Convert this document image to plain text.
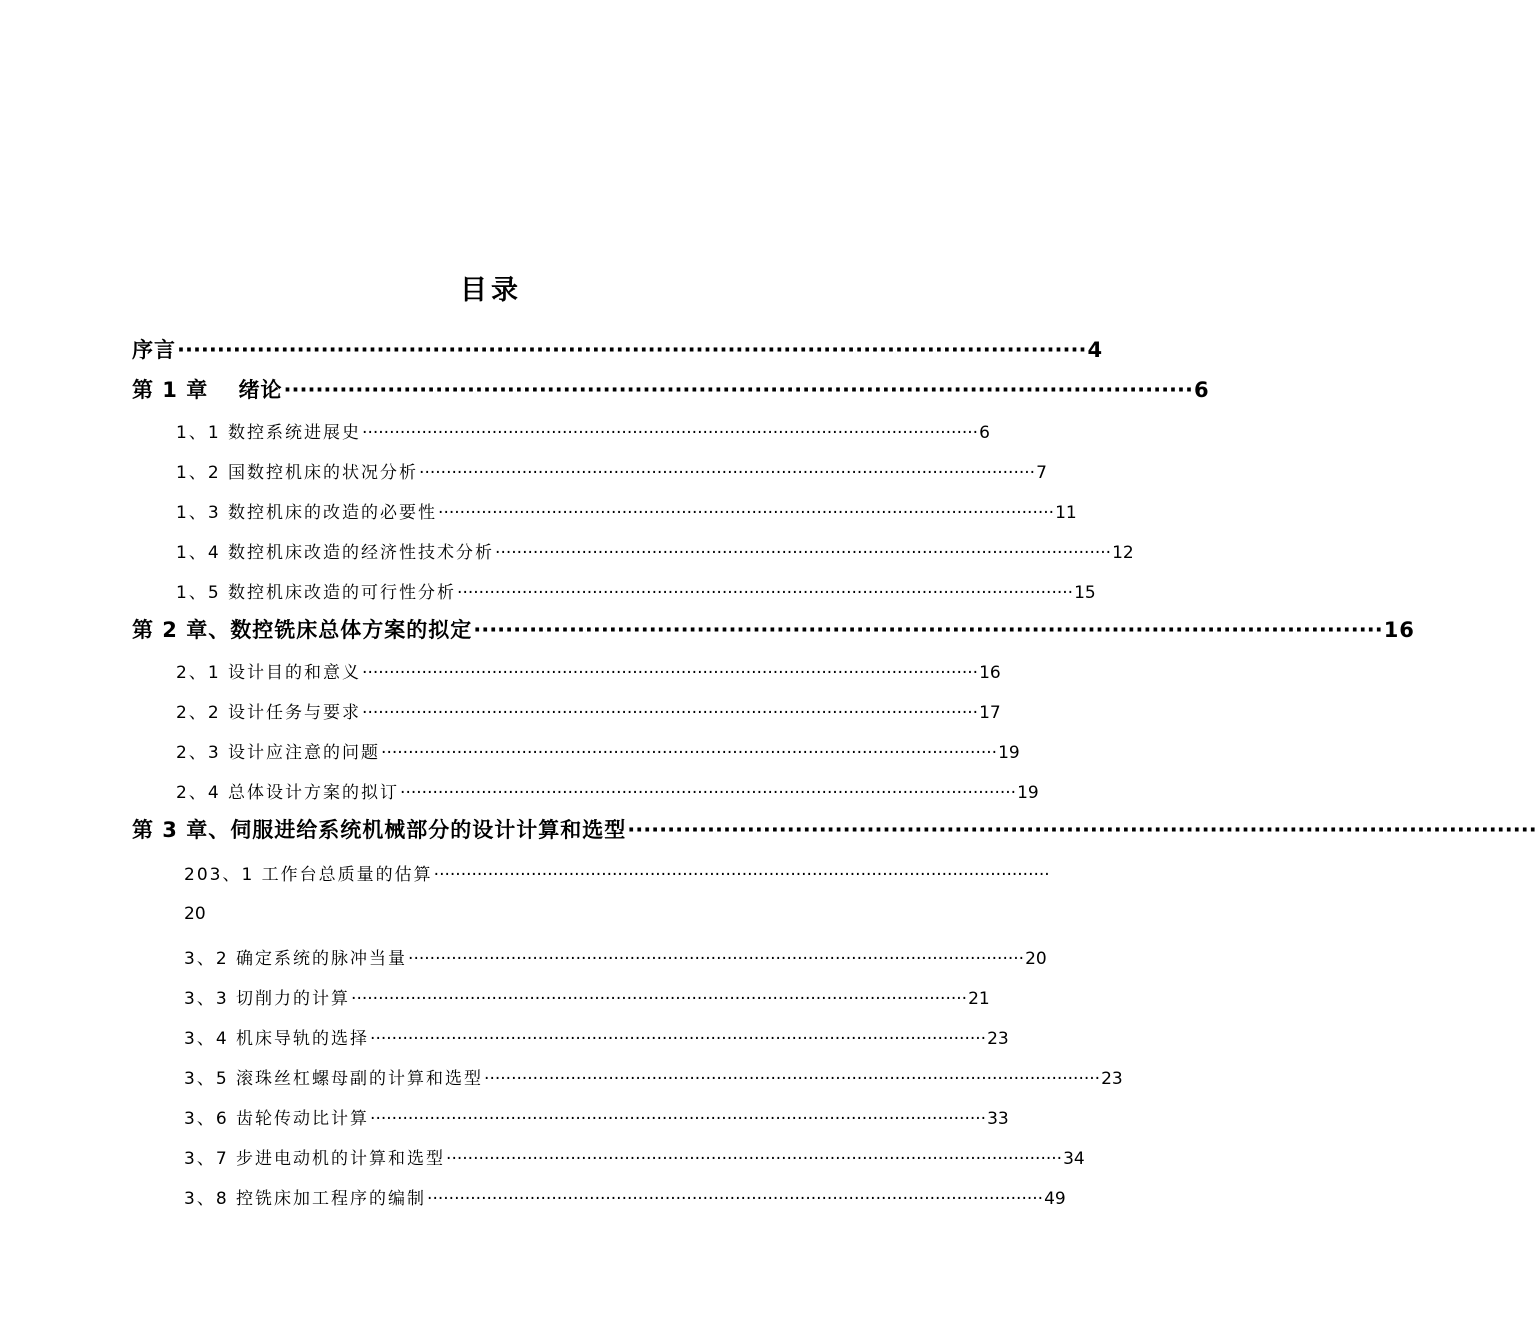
目录
序言 ·················································································································· 4
第 1 章　 绪论 ·················································································································· 6
1、1 数控系统进展史 ·················································································································· 6
1、2 国数控机床的状况分析 ·················································································································· 7
1、3 数控机床的改造的必要性 ·················································································································· 11
1、4 数控机床改造的经济性技术分析 ·················································································································· 12
1、5 数控机床改造的可行性分析 ·················································································································· 15
第 2 章、数控铣床总体方案的拟定 ·················································································································· 16
2、1 设计目的和意义 ·················································································································· 16
2、2 设计任务与要求 ·················································································································· 17
2、3 设计应注意的问题 ·················································································································· 19
2、4 总体设计方案的拟订 ·················································································································· 19
第 3 章、伺服进给系统机械部分的设计计算和选型 ··················································································································
203、1 工作台总质量的估算 ··················································································································
20
3、2 确定系统的脉冲当量 ·················································································································· 20
3、3 切削力的计算 ·················································································································· 21
3、4 机床导轨的选择 ·················································································································· 23
3、5 滚珠丝杠螺母副的计算和选型 ·················································································································· 23
3、6 齿轮传动比计算 ·················································································································· 33
3、7 步进电动机的计算和选型 ·················································································································· 34
3、8 控铣床加工程序的编制 ·················································································································· 49
